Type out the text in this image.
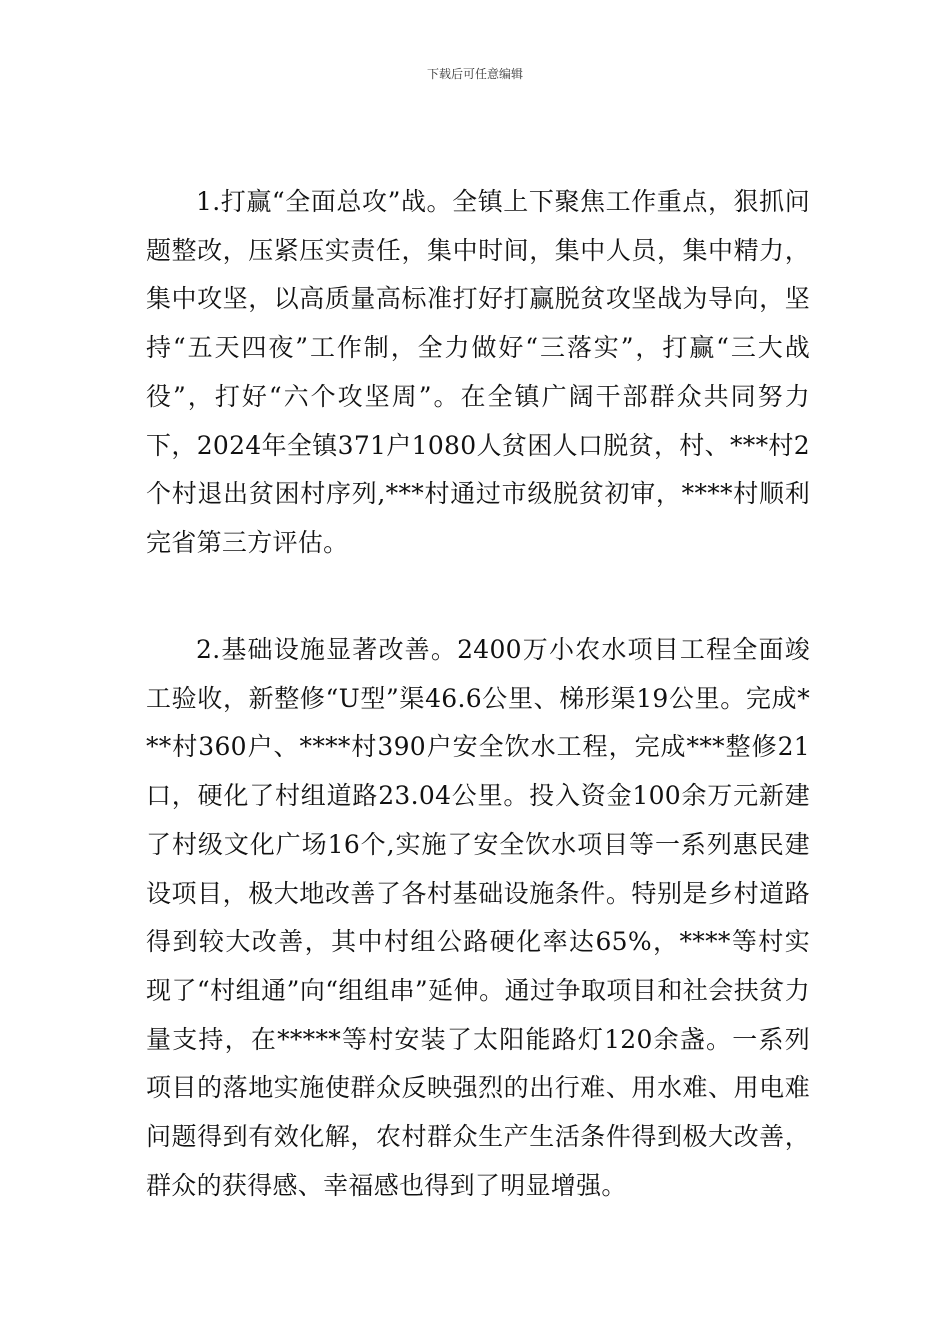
下载后可任意编辑

1.打赢“全面总攻”战。全镇上下聚焦工作重点，狠抓问题整改，压紧压实责任，集中时间，集中人员，集中精力，集中攻坚，以高质量高标准打好打赢脱贫攻坚战为导向，坚持“五天四夜”工作制，全力做好“三落实”，打赢“三大战役”，打好“六个攻坚周”。在全镇广阔干部群众共同努力下，2024年全镇371户1080人贫困人口脱贫，村、***村2个村退出贫困村序列,***村通过市级脱贫初审，****村顺利完省第三方评估。

2.基础设施显著改善。2400万小农水项目工程全面竣工验收，新整修“U型”渠46.6公里、梯形渠19公里。完成***村360户、****村390户安全饮水工程，完成***整修21口，硬化了村组道路23.04公里。投入资金100余万元新建了村级文化广场16个,实施了安全饮水项目等一系列惠民建设项目，极大地改善了各村基础设施条件。特别是乡村道路得到较大改善，其中村组公路硬化率达65%，****等村实现了“村组通”向“组组串”延伸。通过争取项目和社会扶贫力量支持，在*****等村安装了太阳能路灯120余盏。一系列项目的落地实施使群众反映强烈的出行难、用水难、用电难问题得到有效化解，农村群众生产生活条件得到极大改善，群众的获得感、幸福感也得到了明显增强。
